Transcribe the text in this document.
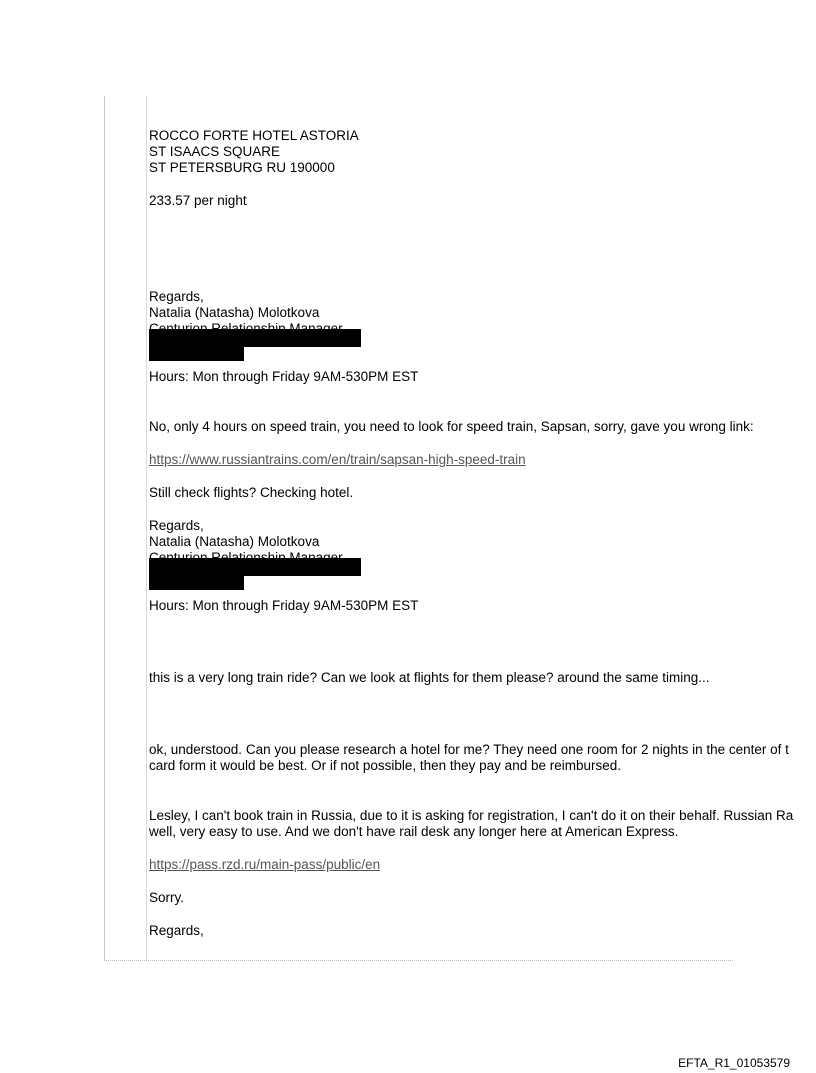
ROCCO FORTE HOTEL ASTORIA
ST ISAACS SQUARE
ST PETERSBURG RU 190000
233.57 per night
Regards,
Natalia (Natasha) Molotkova
Hours: Mon through Friday 9AM-530PM EST
No, only 4 hours on speed train, you need to look for speed train, Sapsan, sorry, gave you wrong link:
https://www.russiantrains.com/en/train/sapsan-high-speed-train
Still check flights? Checking hotel.
Regards,
Natalia (Natasha) Molotkova
Hours: Mon through Friday 9AM-530PM EST
this is a very long train ride? Can we look at flights for them please? around the same timing...
ok, understood. Can you please research a hotel for me? They need one room for 2 nights in the center of t
card form it would be best. Or if not possible, then they pay and be reimbursed.
Lesley, I can't book train in Russia, due to it is asking for registration, I can't do it on their behalf. Russian Ra
well, very easy to use. And we don't have rail desk any longer here at American Express.
https://pass.rzd.ru/main-pass/public/en
Sorry.
Regards,
EFTA_R1_01053579
